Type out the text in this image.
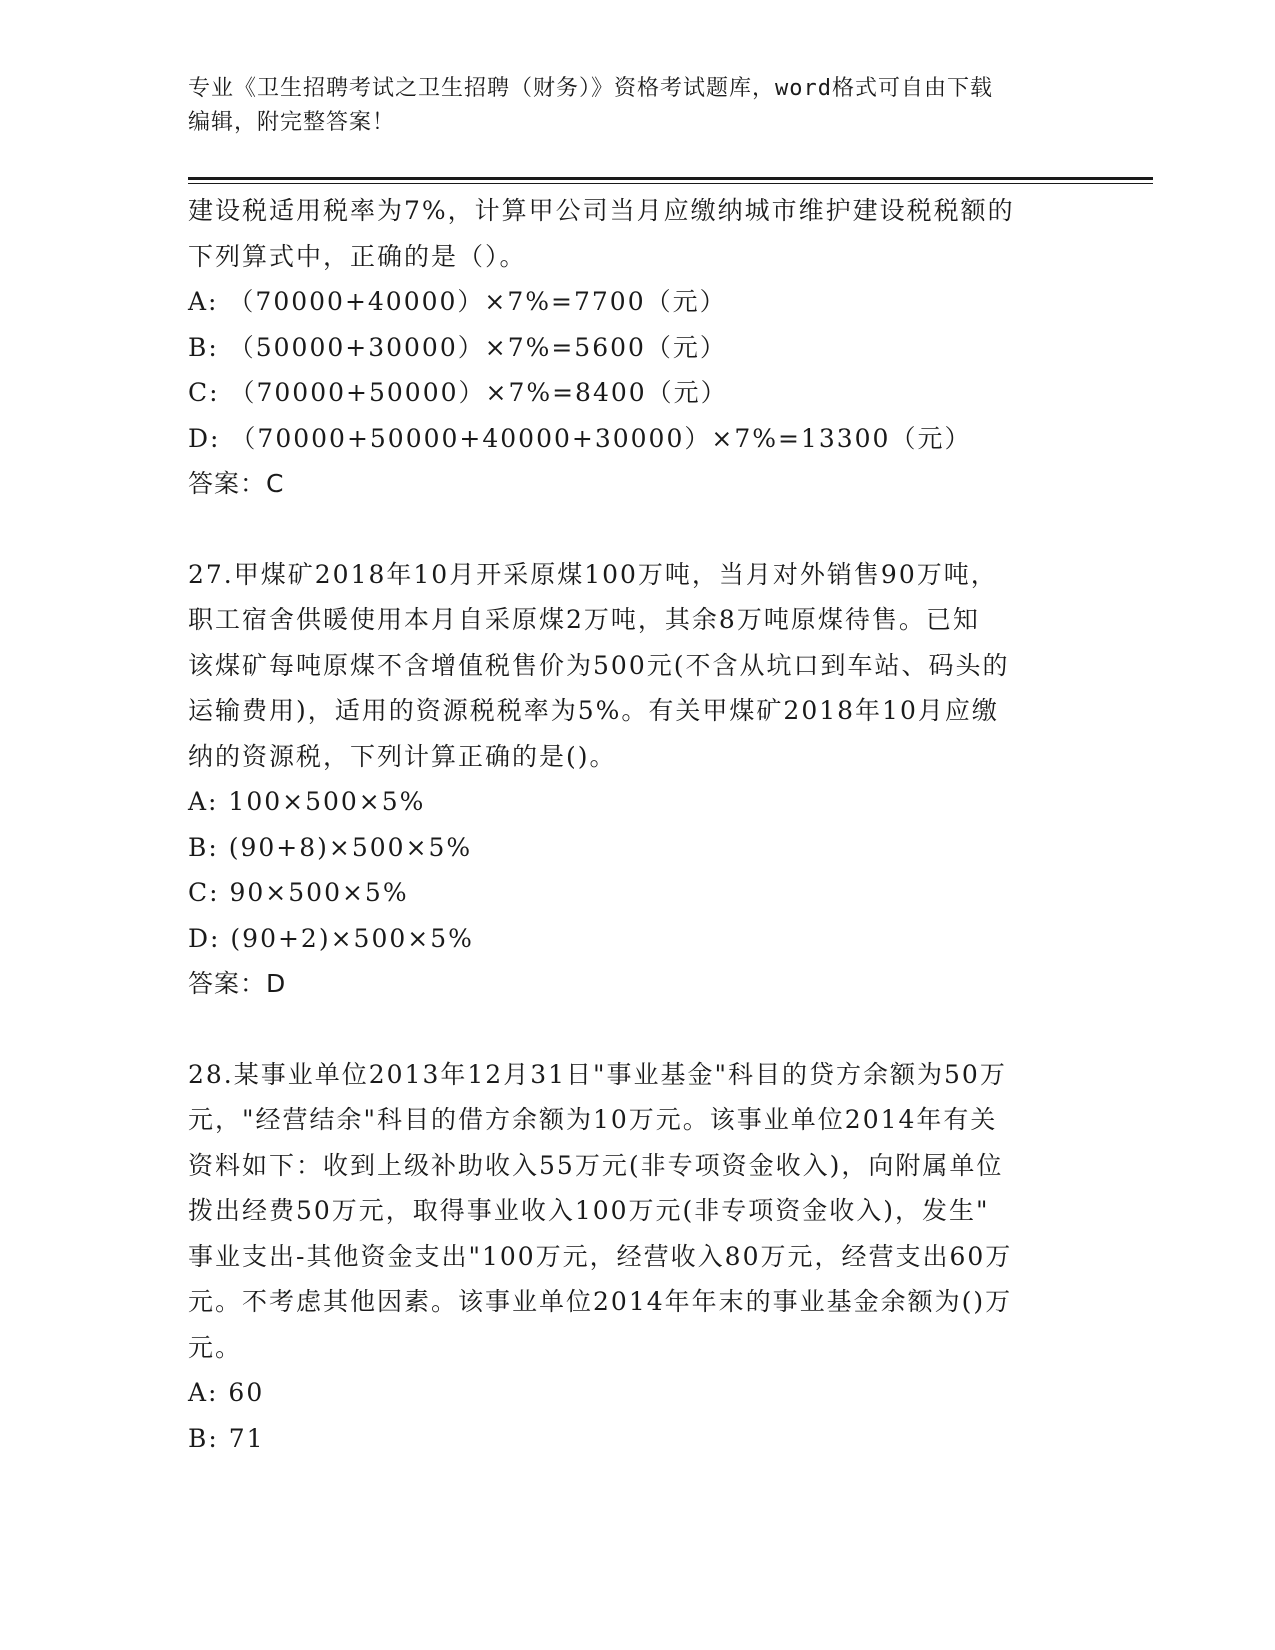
专业《卫生招聘考试之卫生招聘（财务）》资格考试题库，word格式可自由下载
编辑，附完整答案！
建设税适用税率为7%，计算甲公司当月应缴纳城市维护建设税税额的
下列算式中，正确的是（）。
A: （70000+40000）×7%=7700（元）
B: （50000+30000）×7%=5600（元）
C: （70000+50000）×7%=8400（元）
D: （70000+50000+40000+30000）×7%=13300（元）
答案：C
27.甲煤矿2018年10月开采原煤100万吨，当月对外销售90万吨，
职工宿舍供暖使用本月自采原煤2万吨，其余8万吨原煤待售。已知
该煤矿每吨原煤不含增值税售价为500元(不含从坑口到车站、码头的
运输费用)，适用的资源税税率为5%。有关甲煤矿2018年10月应缴
纳的资源税，下列计算正确的是()。
A: 100×500×5%
B: (90+8)×500×5%
C: 90×500×5%
D: (90+2)×500×5%
答案：D
28.某事业单位2013年12月31日"事业基金"科目的贷方余额为50万
元，"经营结余"科目的借方余额为10万元。该事业单位2014年有关
资料如下：收到上级补助收入55万元(非专项资金收入)，向附属单位
拨出经费50万元，取得事业收入100万元(非专项资金收入)，发生"
事业支出-其他资金支出"100万元，经营收入80万元，经营支出60万
元。不考虑其他因素。该事业单位2014年年末的事业基金余额为()万
元。
A: 60
B: 71
